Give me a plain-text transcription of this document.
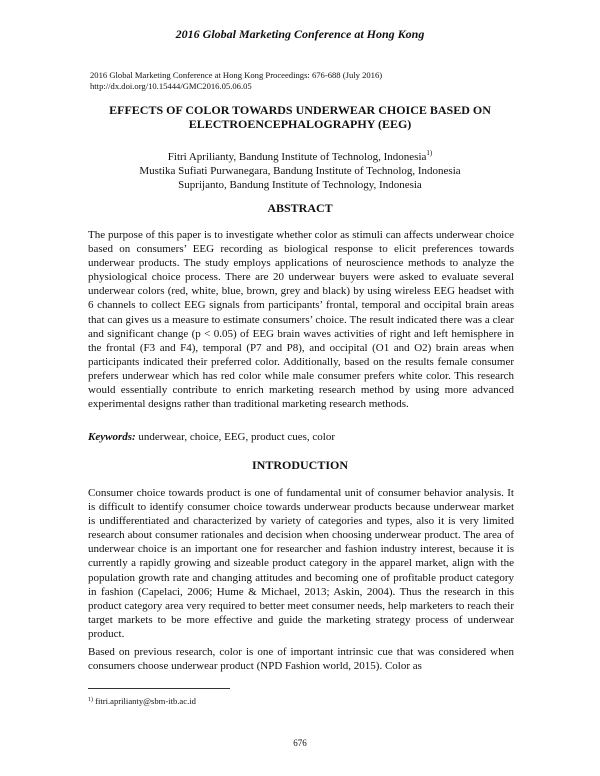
2016 Global Marketing Conference at Hong Kong
2016 Global Marketing Conference at Hong Kong Proceedings: 676-688 (July 2016)
http://dx.doi.org/10.15444/GMC2016.05.06.05
EFFECTS OF COLOR TOWARDS UNDERWEAR CHOICE BASED ON
ELECTROENCEPHALOGRAPHY (EEG)
Fitri Aprilianty, Bandung Institute of Technolog, Indonesia$^{1)}$
Mustika Sufiati Purwanegara, Bandung Institute of Technolog, Indonesia
Suprijanto, Bandung Institute of Technology, Indonesia
ABSTRACT

The purpose of this paper is to investigate whether color as stimuli can affects underwear choice based on consumers’ EEG recording as biological response to elicit preferences towards underwear products. The study employs applications of neuroscience methods to analyze the physiological choice process. There are 20 underwear buyers were asked to evaluate several underwear colors (red, white, blue, brown, grey and black) by using wireless EEG headset with 6 channels to collect EEG signals from participants’ frontal, temporal and occipital brain areas that can gives us a measure to estimate consumers’ choice. The result indicated there was a clear and significant change (p < 0.05) of EEG brain waves activities of right and left hemisphere in the frontal (F3 and F4), temporal (P7 and P8), and occipital (O1 and O2) brain areas when participants indicated their preferred color. Additionally, based on the results female consumer prefers underwear which has red color while male consumer prefers white color. This research would essentially contribute to enrich marketing research method by using more advanced experimental designs rather than traditional marketing research methods.

Keywords: underwear, choice, EEG, product cues, color
INTRODUCTION

Consumer choice towards product is one of fundamental unit of consumer behavior analysis. It is difficult to identify consumer choice towards underwear products because underwear market is undifferentiated and characterized by variety of categories and types, also it is very limited research about consumer rationales and decision when choosing underwear product. The area of underwear choice is an important one for researcher and fashion industry interest, because it is currently a rapidly growing and sizeable product category in the apparel market, align with the population growth rate and changing attitudes and becoming one of profitable product category in fashion (Capelaci, 2006; Hume & Michael, 2013; Askin, 2004). Thus the research in this product category area very required to better meet consumer needs, help marketers to reach their target markets to be more effective and guide the marketing strategy process of underwear product.

Based on previous research, color is one of important intrinsic cue that was considered when consumers choose underwear product (NPD Fashion world, 2015). Color as

$^{1)}$ fitri.aprilianty@sbm-itb.ac.id
676
